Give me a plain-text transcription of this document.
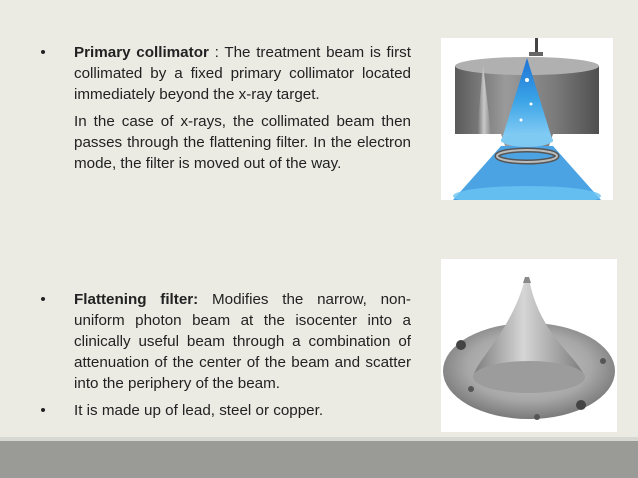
• Primary collimator : The treatment beam is first collimated by a fixed primary collimator located immediately beyond the x-ray target.
In the case of x-rays, the collimated beam then passes through the flattening filter. In the electron mode, the filter is moved out of the way.
• Flattening filter: Modifies the narrow, non-uniform photon beam at the isocenter into a clinically useful beam through a combination of attenuation of the center of the beam and scatter into the periphery of the beam.
• It is made up of lead, steel or copper.
